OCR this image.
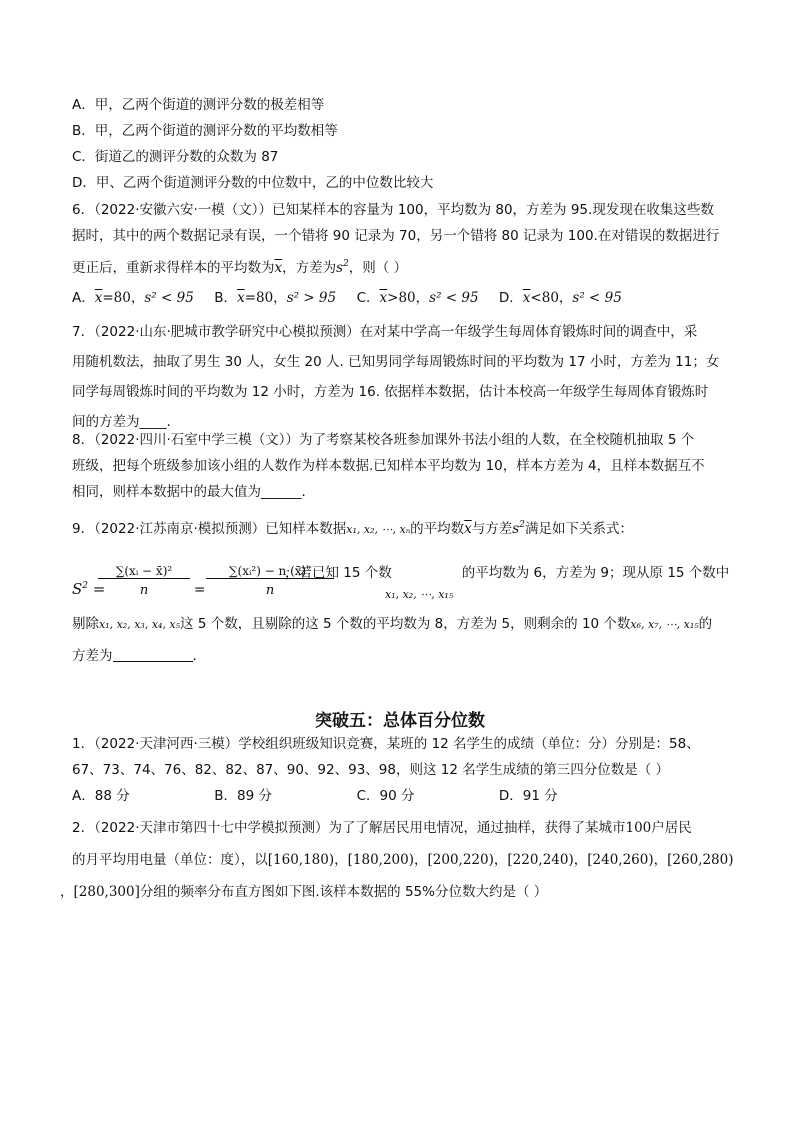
A．甲，乙两个街道的测评分数的极差相等
B．甲，乙两个街道的测评分数的平均数相等
C．街道乙的测评分数的众数为 87
D．甲、乙两个街道测评分数的中位数中，乙的中位数比较大
6．（2022·安徽六安·一模（文））已知某样本的容量为 100，平均数为 80，方差为 95.现发现在收集这些数
据时，其中的两个数据记录有误，一个错将 90 记录为 70，另一个错将 80 记录为 100.在对错误的数据进行
更正后，重新求得样本的平均数为$\overline{x}$，方差为$s^2$，则（ ）
A．$\overline{x}=80$，s² < 95 B．$\overline{x}=80$，s² > 95 C．$\overline{x}>80$，s² < 95 D．$\overline{x}<80$，s² < 95
7．（2022·山东·肥城市教学研究中心模拟预测）在对某中学高一年级学生每周体育锻炼时间的调查中，采
用随机数法，抽取了男生 30 人，女生 20 人. 已知男同学每周锻炼时间的平均数为 17 小时，方差为 11；女
同学每周锻炼时间的平均数为 12 小时，方差为 16. 依据样本数据，估计本校高一年级学生每周体育锻炼时
间的方差为____.
8．（2022·四川·石室中学三模（文））为了考察某校各班参加课外书法小组的人数，在全校随机抽取 5 个
班级，把每个班级参加该小组的人数作为样本数据.已知样本平均数为 10，样本方差为 4，且样本数据互不
相同，则样本数据中的最大值为______.
9．（2022·江苏南京·模拟预测）已知样本数据x₁, x₂, ⋯, xₙ的平均数$\overline{x}$与方差$s^2$满足如下关系式：
$S^2$ =
∑(xᵢ − x̄)²
n	=
∑(xᵢ²) − n·(x̄)²
n
，若已知 15 个数	的平均数为 6，方差为 9；现从原 15 个数中
x₁, x₂, ⋯, x₁₅
剔除x₁, x₂, x₃, x₄, x₅这 5 个数，且剔除的这 5 个数的平均数为 8，方差为 5，则剩余的 10 个数x₆, x₇, ⋯, x₁₅的
方差为	.
突破五：总体百分位数
1．（2022·天津河西·三模）学校组织班级知识竞赛，某班的 12 名学生的成绩（单位：分）分别是：58、
67、73、74、76、82、82、87、90、92、93、98，则这 12 名学生成绩的第三四分位数是（ ）
A．88 分	B．89 分	C．90 分	D．91 分
2．（2022·天津市第四十七中学模拟预测）为了了解居民用电情况，通过抽样，获得了某城市100户居民
的月平均用电量（单位：度），以[160,180)，[180,200)，[200,220)，[220,240)，[240,260)，[260,280)
，[280,300]分组的频率分布直方图如下图.该样本数据的 55%分位数大约是（ ）
